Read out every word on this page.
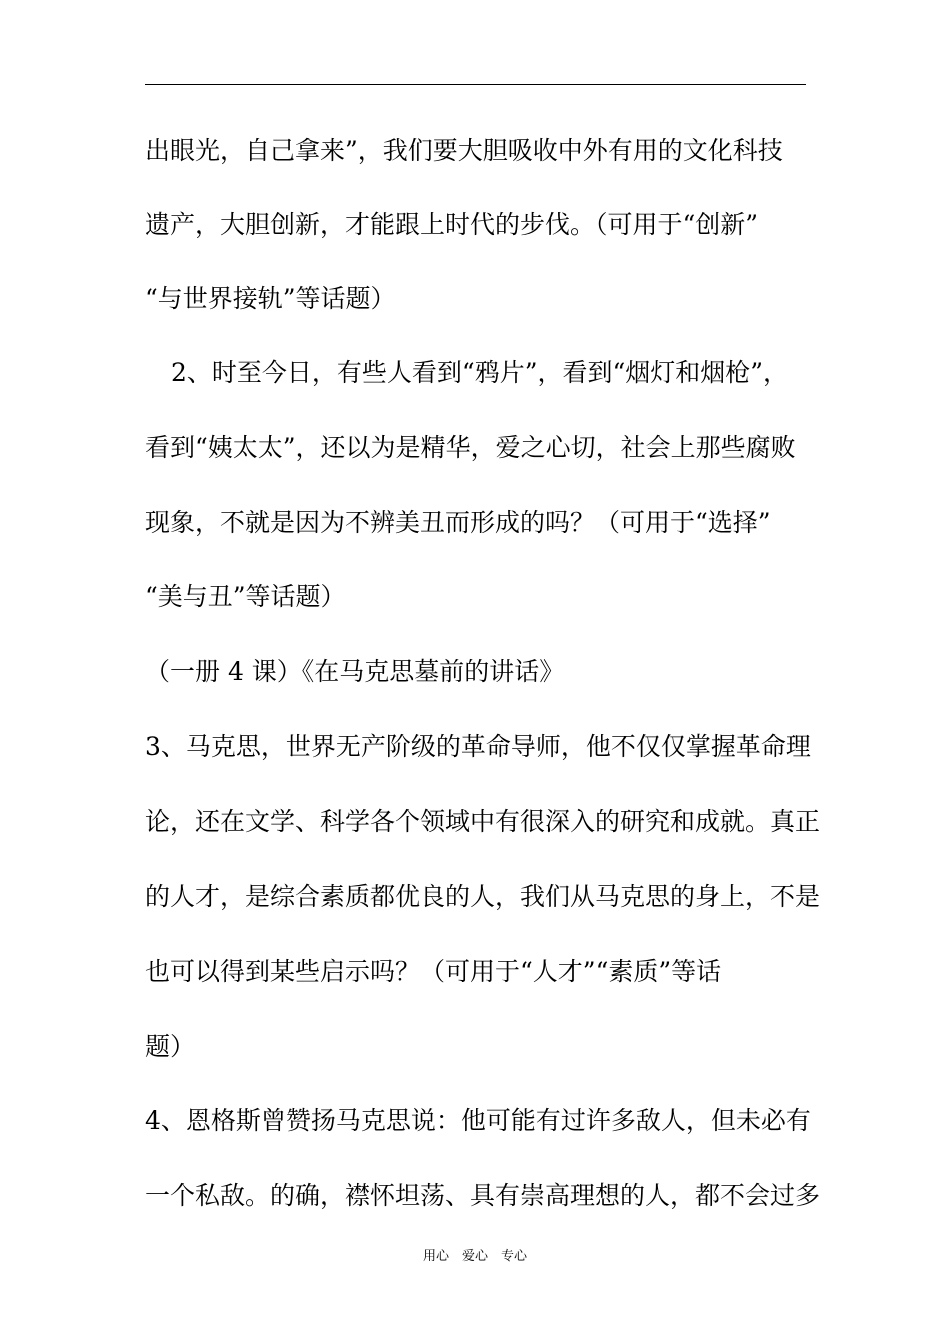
出眼光，自己拿来”，我们要大胆吸收中外有用的文化科技
遗产，大胆创新，才能跟上时代的步伐。（可用于“创新”
“与世界接轨”等话题）
2、时至今日，有些人看到“鸦片”，看到“烟灯和烟枪”，
看到“姨太太”，还以为是精华，爱之心切，社会上那些腐败
现象，不就是因为不辨美丑而形成的吗？（可用于“选择”
“美与丑”等话题）
（一册 4 课）《在马克思墓前的讲话》
3、马克思，世界无产阶级的革命导师，他不仅仅掌握革命理
论，还在文学、科学各个领域中有很深入的研究和成就。真正
的人才，是综合素质都优良的人，我们从马克思的身上，不是
也可以得到某些启示吗？（可用于“人才”“素质”等话
题）
4、恩格斯曾赞扬马克思说：他可能有过许多敌人，但未必有
一个私敌。的确，襟怀坦荡、具有崇高理想的人，都不会过多
用心　爱心　专心
